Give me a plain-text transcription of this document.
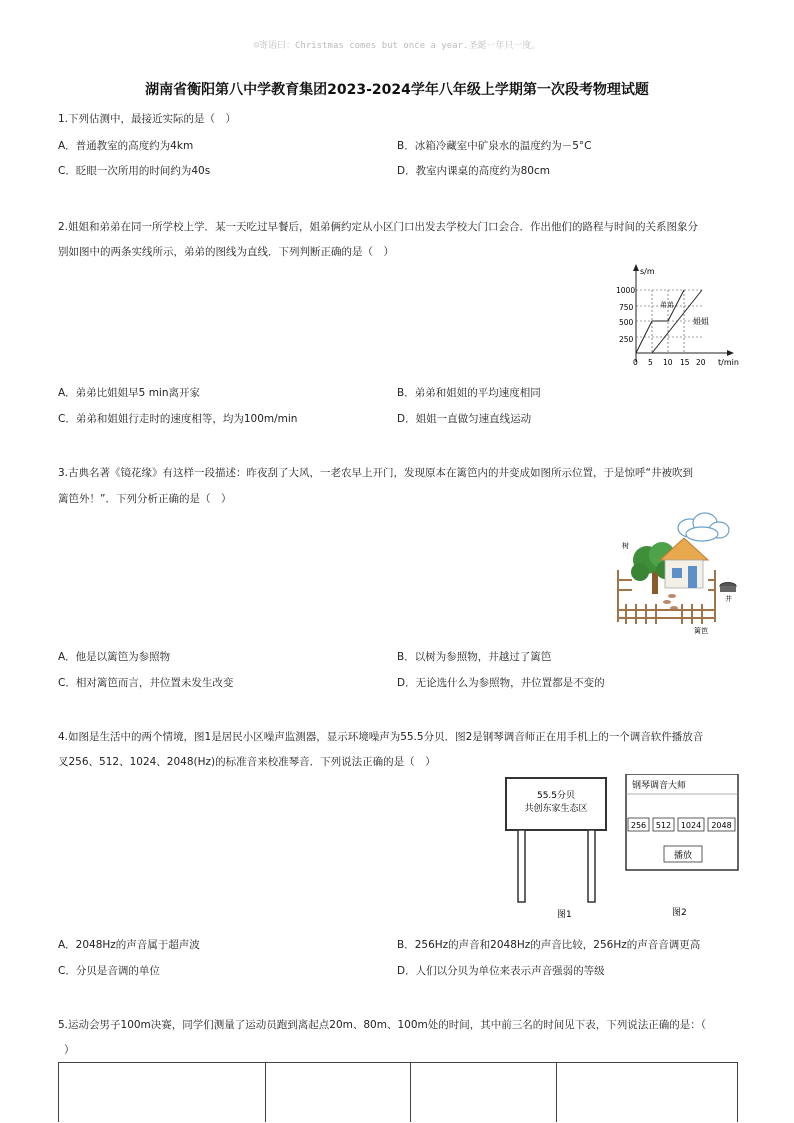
☺寄语曰：Christmas comes but once a year.圣诞一年只一度。
湖南省衡阳第八中学教育集团2023-2024学年八年级上学期第一次段考物理试题
1.下列估测中，最接近实际的是（　）
A．普通教室的高度约为4km	B．冰箱冷藏室中矿泉水的温度约为－5°C
C．眨眼一次所用的时间约为40s	D．教室内课桌的高度约为80cm
2.姐姐和弟弟在同一所学校上学．某一天吃过早餐后，姐弟俩约定从小区门口出发去学校大门口会合．作出他们的路程与时间的关系图象分
别如图中的两条实线所示，弟弟的图线为直线．下列判断正确的是（　）
s/m
t/min
1000
750
500
250
0 5 10 15 20
弟弟
姐姐
A．弟弟比姐姐早5 min离开家	B．弟弟和姐姐的平均速度相同
C．弟弟和姐姐行走时的速度相等，均为100m/min	D．姐姐一直做匀速直线运动
3.古典名著《镜花缘》有这样一段描述：昨夜刮了大风，一老农早上开门，发现原本在篱笆内的井变成如图所示位置，于是惊呼“井被吹到
篱笆外！”．下列分析正确的是（　）
树
井
篱笆
A．他是以篱笆为参照物	B．以树为参照物，井越过了篱笆
C．相对篱笆而言，井位置未发生改变	D．无论选什么为参照物，井位置都是不变的
4.如图是生活中的两个情境，图1是居民小区噪声监测器，显示环境噪声为55.5分贝．图2是钢琴调音师正在用手机上的一个调音软件播放音
叉256、512、1024、2048(Hz)的标准音来校准琴音．下列说法正确的是（　）
55.5分贝
共创东家生态区
图1
钢琴调音大师
256 512 1024 2048
播放
图2
A．2048Hz的声音属于超声波	B．256Hz的声音和2048Hz的声音比较，256Hz的声音音调更高
C．分贝是音调的单位	D．人们以分贝为单位来表示声音强弱的等级
5.运动会男子100m决赛，同学们测量了运动员跑到离起点20m、80m、100m处的时间，其中前三名的时间见下表，下列说法正确的是：（
）
